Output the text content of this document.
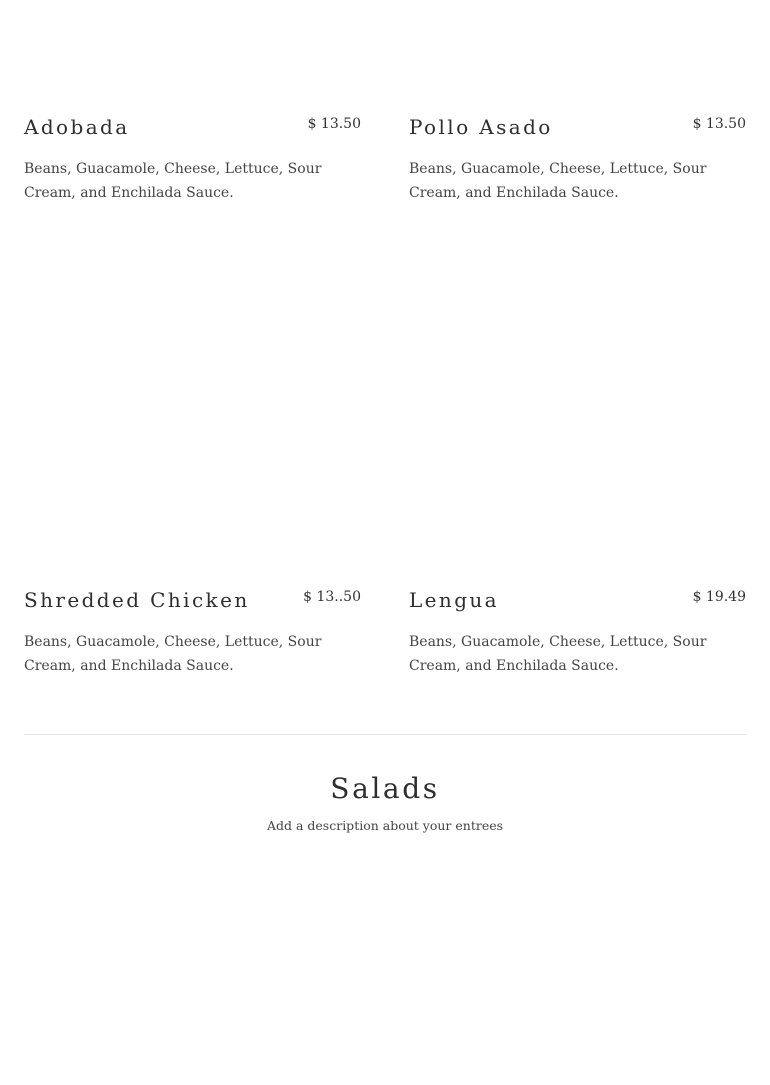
Adobada	$ 13.50
Beans, Guacamole, Cheese, Lettuce, Sour Cream, and Enchilada Sauce.
Pollo Asado	$ 13.50
Beans, Guacamole, Cheese, Lettuce, Sour Cream, and Enchilada Sauce.
Shredded Chicken	$ 13..50
Beans, Guacamole, Cheese, Lettuce, Sour Cream, and Enchilada Sauce.
Lengua	$ 19.49
Beans, Guacamole, Cheese, Lettuce, Sour Cream, and Enchilada Sauce.
Salads
Add a description about your entrees
